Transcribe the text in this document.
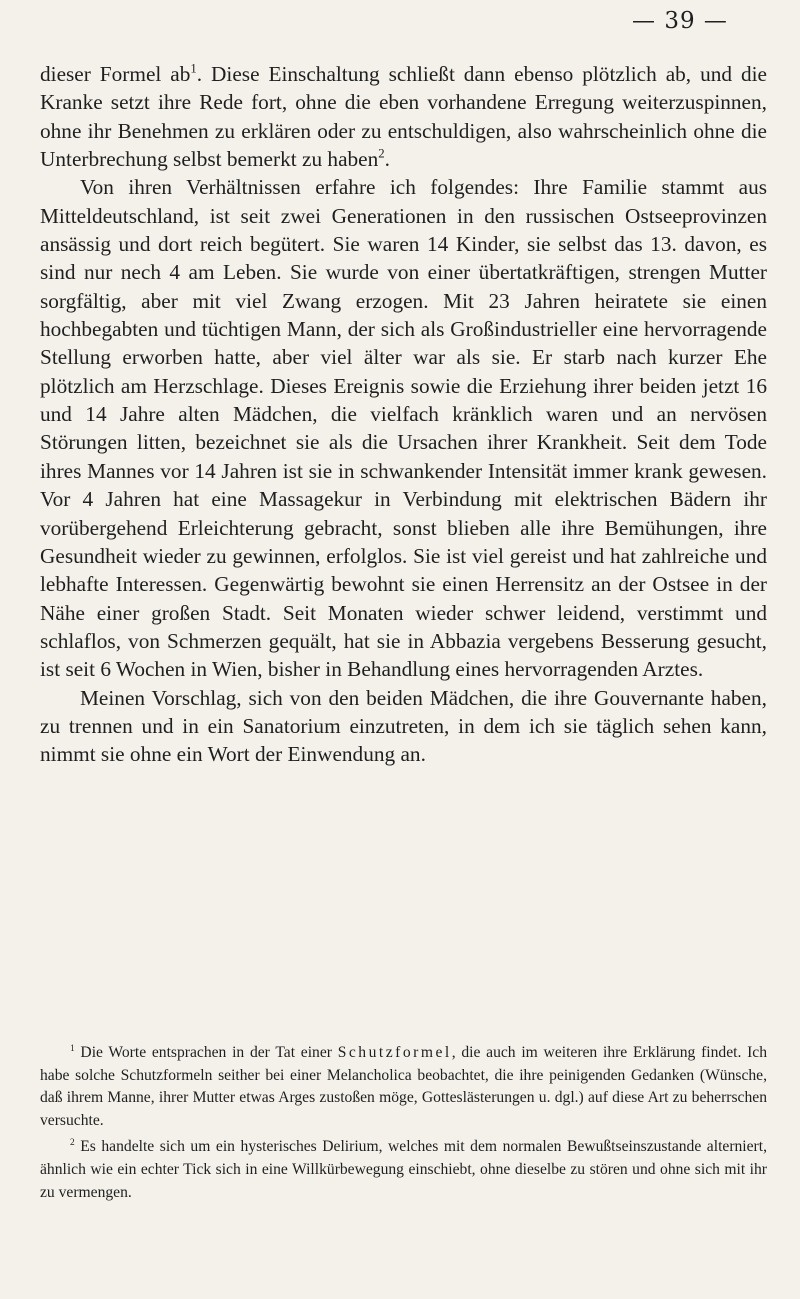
— 39 —

dieser Formel $ab^1$. Diese Einschaltung schließt dann ebenso plötzlich ab, und die Kranke setzt ihre Rede fort, ohne die eben vorhandene Erregung weiterzuspinnen, ohne ihr Benehmen zu erklären oder zu entschuldigen, also wahrscheinlich ohne die Unterbrechung selbst bemerkt zu haben$^2$.

Von ihren Verhältnissen erfahre ich folgendes: Ihre Familie stammt aus Mitteldeutschland, ist seit zwei Generationen in den russischen Ostseeprovinzen ansässig und dort reich begütert. Sie waren 14 Kinder, sie selbst das 13. davon, es sind nur nech 4 am Leben. Sie wurde von einer übertatkräftigen, strengen Mutter sorgfältig, aber mit viel Zwang erzogen. Mit 23 Jahren heiratete sie einen hochbegabten und tüchtigen Mann, der sich als Großindustrieller eine hervorragende Stellung erworben hatte, aber viel älter war als sie. Er starb nach kurzer Ehe plötzlich am Herzschlage. Dieses Ereignis sowie die Erziehung ihrer beiden jetzt 16 und 14 Jahre alten Mädchen, die vielfach kränklich waren und an nervösen Störungen litten, bezeichnet sie als die Ursachen ihrer Krankheit. Seit dem Tode ihres Mannes vor 14 Jahren ist sie in schwankender Intensität immer krank gewesen. Vor 4 Jahren hat eine Massagekur in Verbindung mit elektrischen Bädern ihr vorübergehend Erleichterung gebracht, sonst blieben alle ihre Bemühungen, ihre Gesundheit wieder zu gewinnen, erfolglos. Sie ist viel gereist und hat zahlreiche und lebhafte Interessen. Gegenwärtig bewohnt sie einen Herrensitz an der Ostsee in der Nähe einer großen Stadt. Seit Monaten wieder schwer leidend, verstimmt und schlaflos, von Schmerzen gequält, hat sie in Abbazia vergebens Besserung gesucht, ist seit 6 Wochen in Wien, bisher in Behandlung eines hervorragenden Arztes.

Meinen Vorschlag, sich von den beiden Mädchen, die ihre Gouvernante haben, zu trennen und in ein Sanatorium einzutreten, in dem ich sie täglich sehen kann, nimmt sie ohne ein Wort der Einwendung an.

$^1$ Die Worte entsprachen in der Tat einer Schutzformel, die auch im weiteren ihre Erklärung findet. Ich habe solche Schutzformeln seither bei einer Melancholica beobachtet, die ihre peinigenden Gedanken (Wünsche, daß ihrem Manne, ihrer Mutter etwas Arges zustoßen möge, Gotteslästerungen u. dgl.) auf diese Art zu beherrschen versuchte.

$^2$ Es handelte sich um ein hysterisches Delirium, welches mit dem normalen Bewußtseinszustande alterniert, ähnlich wie ein echter Tick sich in eine Willkürbewegung einschiebt, ohne dieselbe zu stören und ohne sich mit ihr zu vermengen.
